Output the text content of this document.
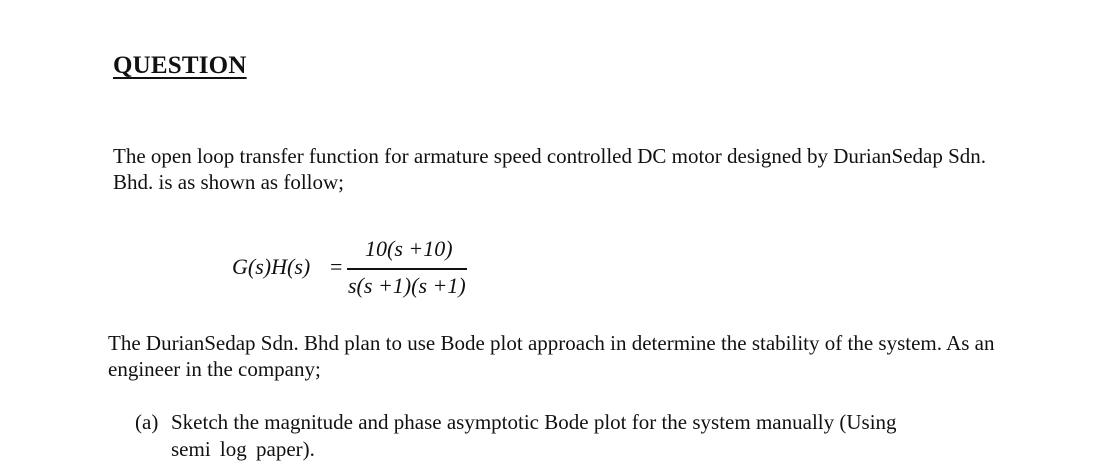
QUESTION
The open loop transfer function for armature speed controlled DC motor designed by DurianSedap Sdn.
Bhd. is as shown as follow;
G(s)H(s) =
10(s +10)
s(s +1)(s +1)
The DurianSedap Sdn. Bhd plan to use Bode plot approach in determine the stability of the system. As an
engineer in the company;
(a) Sketch the magnitude and phase asymptotic Bode plot for the system manually (Using
semi log paper).
